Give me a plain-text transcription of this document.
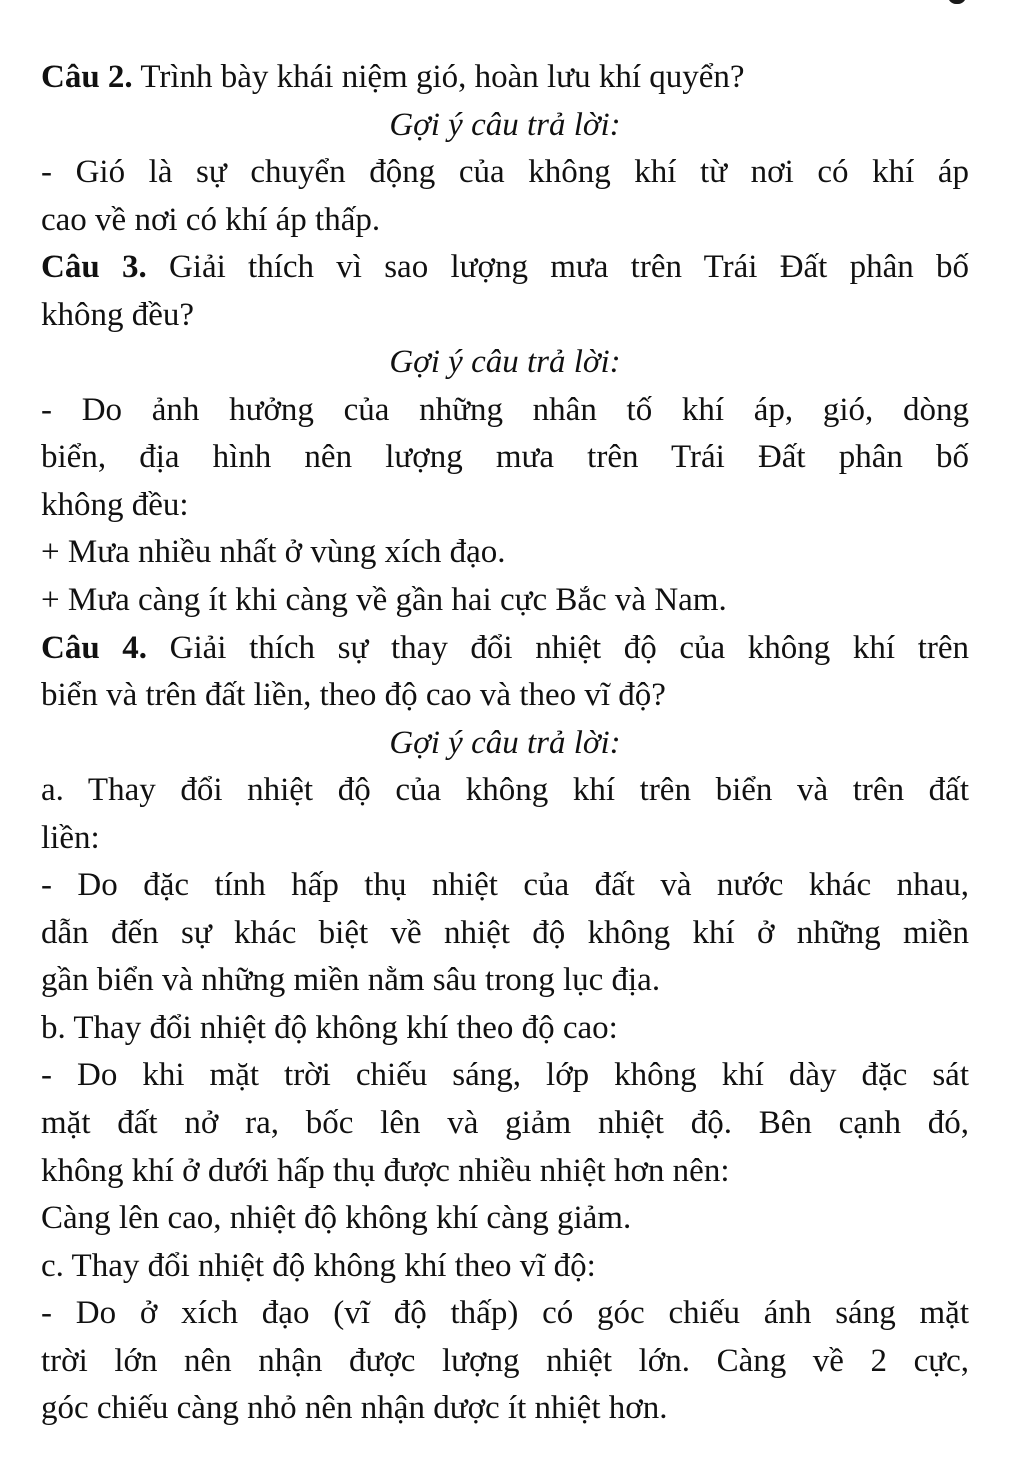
Câu 2. Trình bày khái niệm gió, hoàn lưu khí quyển?
Gợi ý câu trả lời:
- Gió là sự chuyển động của không khí từ nơi có khí áp
cao về nơi có khí áp thấp.
Câu 3. Giải thích vì sao lượng mưa trên Trái Đất phân bố
không đều?
Gợi ý câu trả lời:
- Do ảnh hưởng của những nhân tố khí áp, gió, dòng
biển, địa hình nên lượng mưa trên Trái Đất phân bố
không đều:
+ Mưa nhiều nhất ở vùng xích đạo.
+ Mưa càng ít khi càng về gần hai cực Bắc và Nam.
Câu 4. Giải thích sự thay đổi nhiệt độ của không khí trên
biển và trên đất liền, theo độ cao và theo vĩ độ?
Gợi ý câu trả lời:
a. Thay đổi nhiệt độ của không khí trên biển và trên đất
liền:
- Do đặc tính hấp thụ nhiệt của đất và nước khác nhau,
dẫn đến sự khác biệt về nhiệt độ không khí ở những miền
gần biển và những miền nằm sâu trong lục địa.
b. Thay đổi nhiệt độ không khí theo độ cao:
- Do khi mặt trời chiếu sáng, lớp không khí dày đặc sát
mặt đất nở ra, bốc lên và giảm nhiệt độ. Bên cạnh đó,
không khí ở dưới hấp thụ được nhiều nhiệt hơn nên:
Càng lên cao, nhiệt độ không khí càng giảm.
c. Thay đổi nhiệt độ không khí theo vĩ độ:
- Do ở xích đạo (vĩ độ thấp) có góc chiếu ánh sáng mặt
trời lớn nên nhận được lượng nhiệt lớn. Càng về 2 cực,
góc chiếu càng nhỏ nên nhận dược ít nhiệt hơn.
